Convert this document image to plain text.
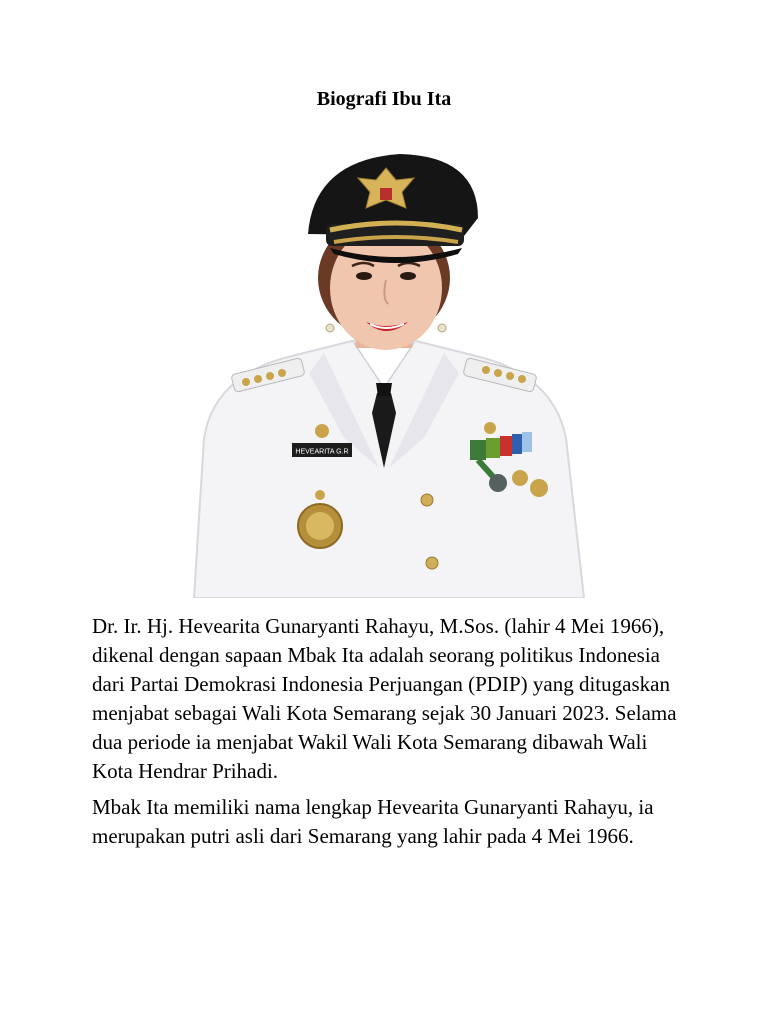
Biografi Ibu Ita
HEVEARITA G.R

Dr. Ir. Hj. Hevearita Gunaryanti Rahayu, M.Sos. (lahir 4 Mei 1966), dikenal dengan sapaan Mbak Ita adalah seorang politikus Indonesia dari Partai Demokrasi Indonesia Perjuangan (PDIP) yang ditugaskan menjabat sebagai Wali Kota Semarang sejak 30 Januari 2023. Selama dua periode ia menjabat Wakil Wali Kota Semarang dibawah Wali Kota Hendrar Prihadi.

Mbak Ita memiliki nama lengkap Hevearita Gunaryanti Rahayu, ia merupakan putri asli dari Semarang yang lahir pada 4 Mei 1966.
